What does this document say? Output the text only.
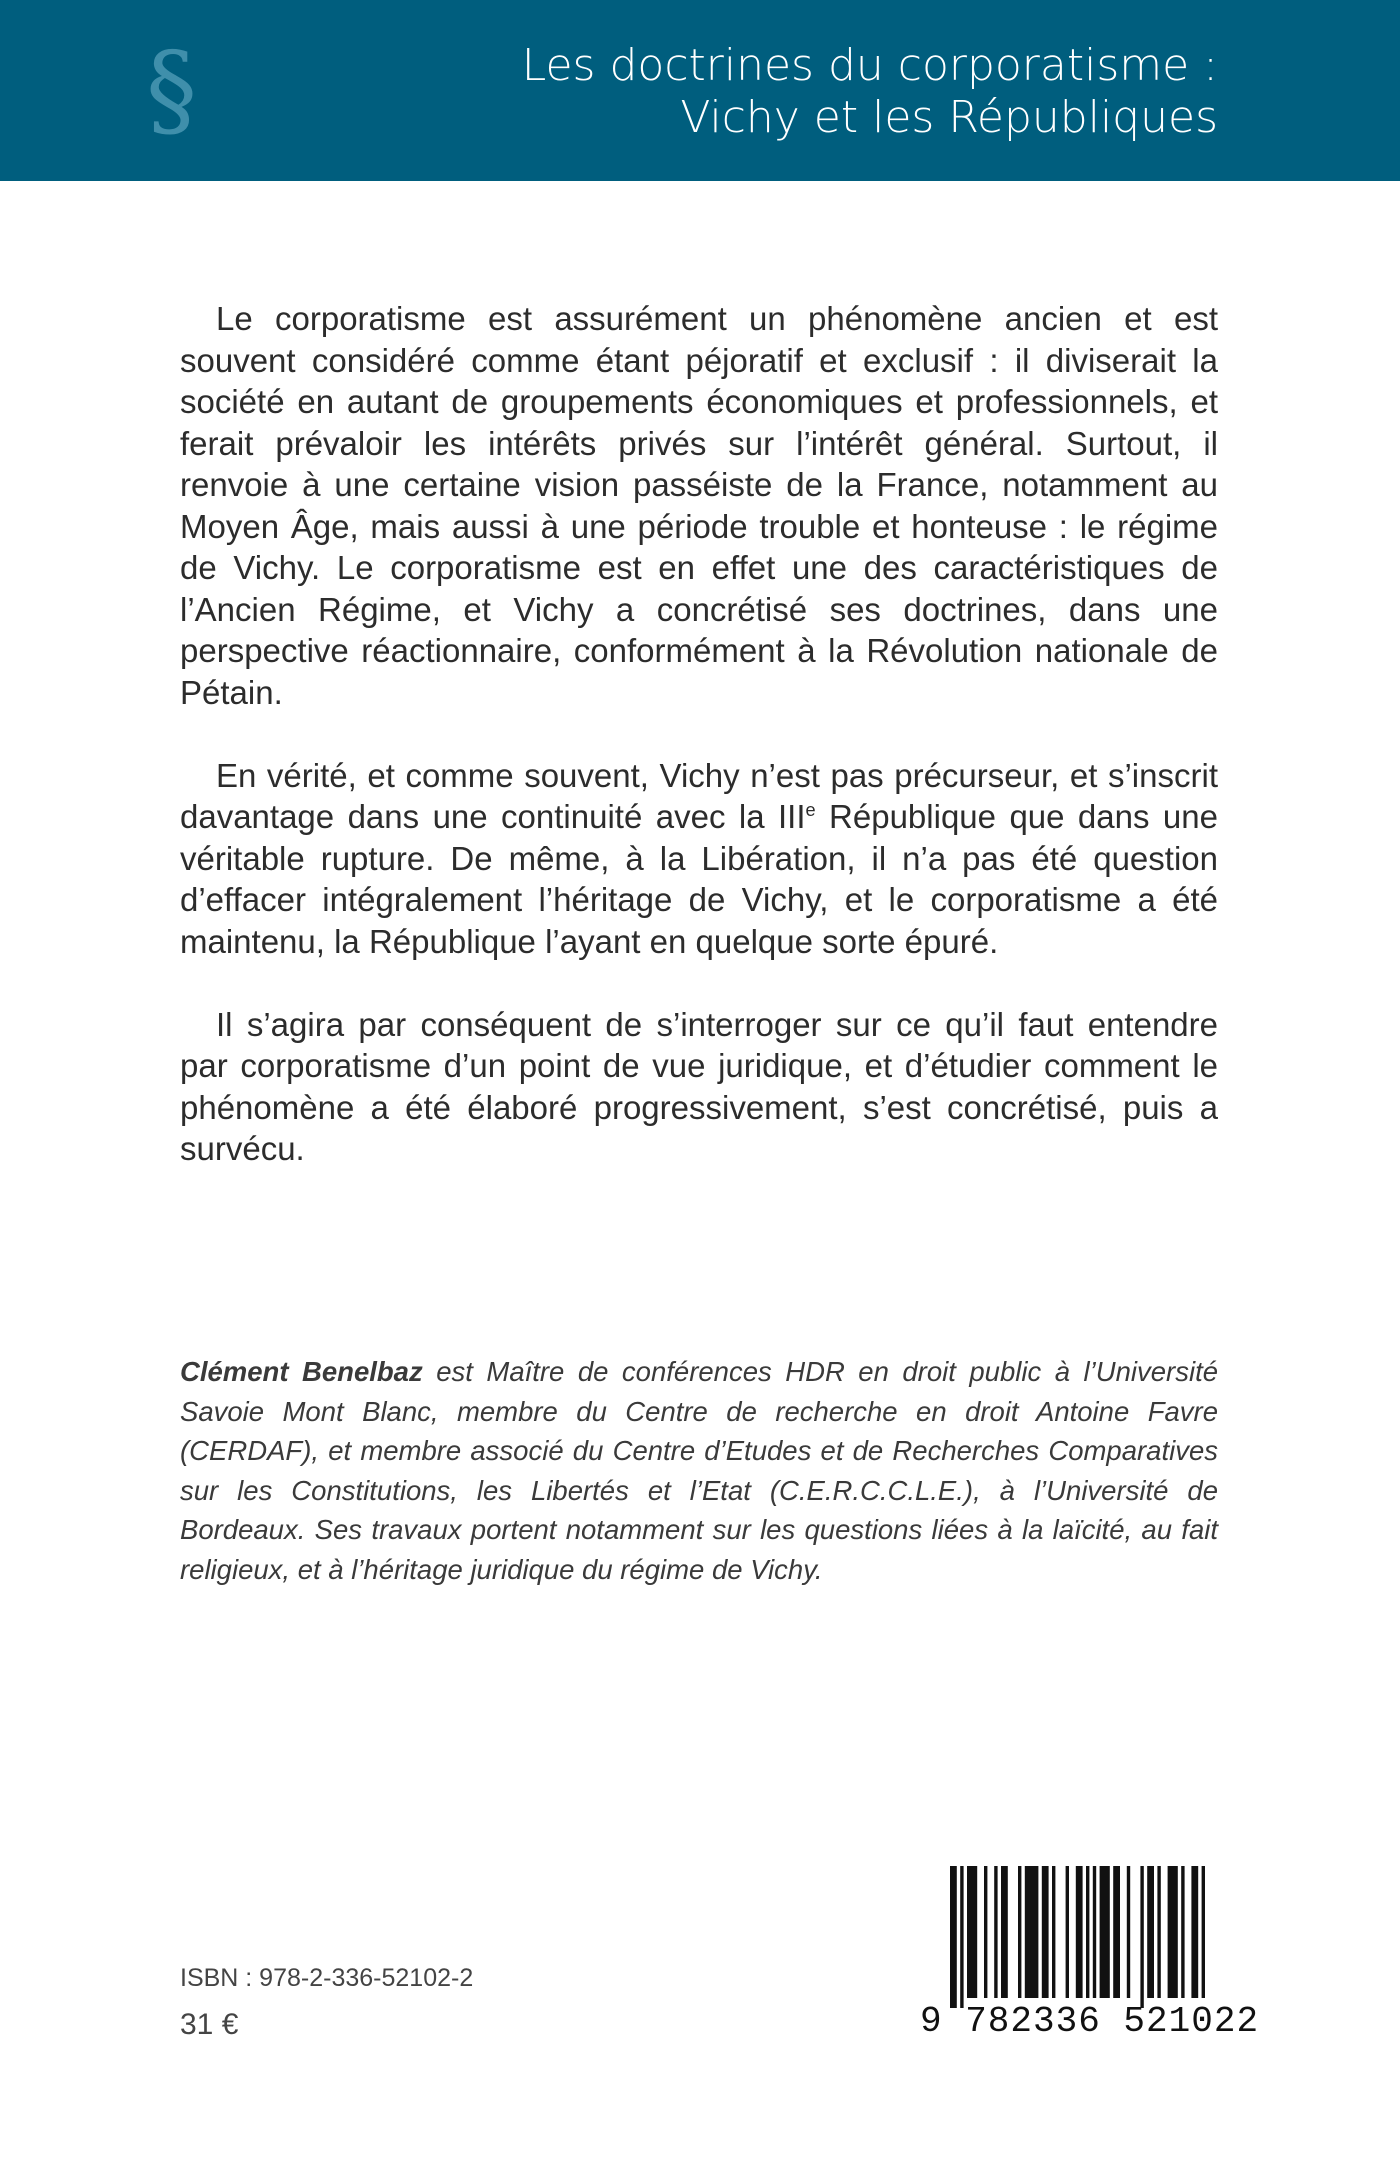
§	Les doctrines du corporatisme :
Vichy et les Républiques

Le corporatisme est assurément un phénomène ancien et est souvent considéré comme étant péjoratif et exclusif : il diviserait la société en autant de groupements économiques et professionnels, et ferait prévaloir les intérêts privés sur l’intérêt général. Surtout, il renvoie à une certaine vision passéiste de la France, notamment au Moyen Âge, mais aussi à une période trouble et honteuse : le régime de Vichy. Le corporatisme est en effet une des caractéristiques de l’Ancien Régime, et Vichy a concrétisé ses doctrines, dans une perspective réactionnaire, conformément à la Révolution nationale de Pétain.

En vérité, et comme souvent, Vichy n’est pas précurseur, et s’inscrit davantage dans une continuité avec la IIIe République que dans une véritable rupture. De même, à la Libération, il n’a pas été question d’effacer intégralement l’héritage de Vichy, et le corporatisme a été maintenu, la République l’ayant en quelque sorte épuré.

Il s’agira par conséquent de s’interroger sur ce qu’il faut entendre par corporatisme d’un point de vue juridique, et d’étudier comment le phénomène a été élaboré progressivement, s’est concrétisé, puis a survécu.

Clément Benelbaz est Maître de conférences HDR en droit public à l’Université Savoie Mont Blanc, membre du Centre de recherche en droit Antoine Favre (CERDAF), et membre associé du Centre d’Etudes et de Recherches Comparatives sur les Constitutions, les Libertés et l’Etat (C.E.R.C.C.L.E.), à l’Université de Bordeaux. Ses travaux portent notamment sur les questions liées à la laïcité, au fait religieux, et à l’héritage juridique du régime de Vichy.

ISBN : 978-2-336-52102-2
31 €	9 782336 521022
